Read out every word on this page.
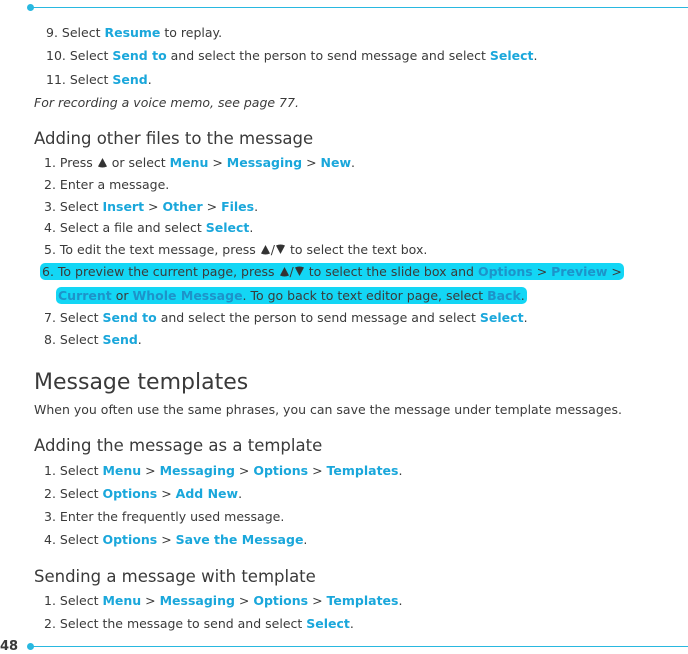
48
9. Select Resume to replay.
10. Select Send to and select the person to send message and select Select.
11. Select Send.
For recording a voice memo, see page 77.
Adding other files to the message
1. Press  or select Menu > Messaging > New.
2. Enter a message.
3. Select Insert > Other > Files.
4. Select a file and select Select.
5. To edit the text message, press / to select the text box.
6. To preview the current page, press / to select the slide box and Options > Preview >
Current or Whole Message. To go back to text editor page, select Back.
7. Select Send to and select the person to send message and select Select.
8. Select Send.
Message templates
When you often use the same phrases, you can save the message under template messages.
Adding the message as a template
1. Select Menu > Messaging > Options > Templates.
2. Select Options > Add New.
3. Enter the frequently used message.
4. Select Options > Save the Message.
Sending a message with template
1. Select Menu > Messaging > Options > Templates.
2. Select the message to send and select Select.
